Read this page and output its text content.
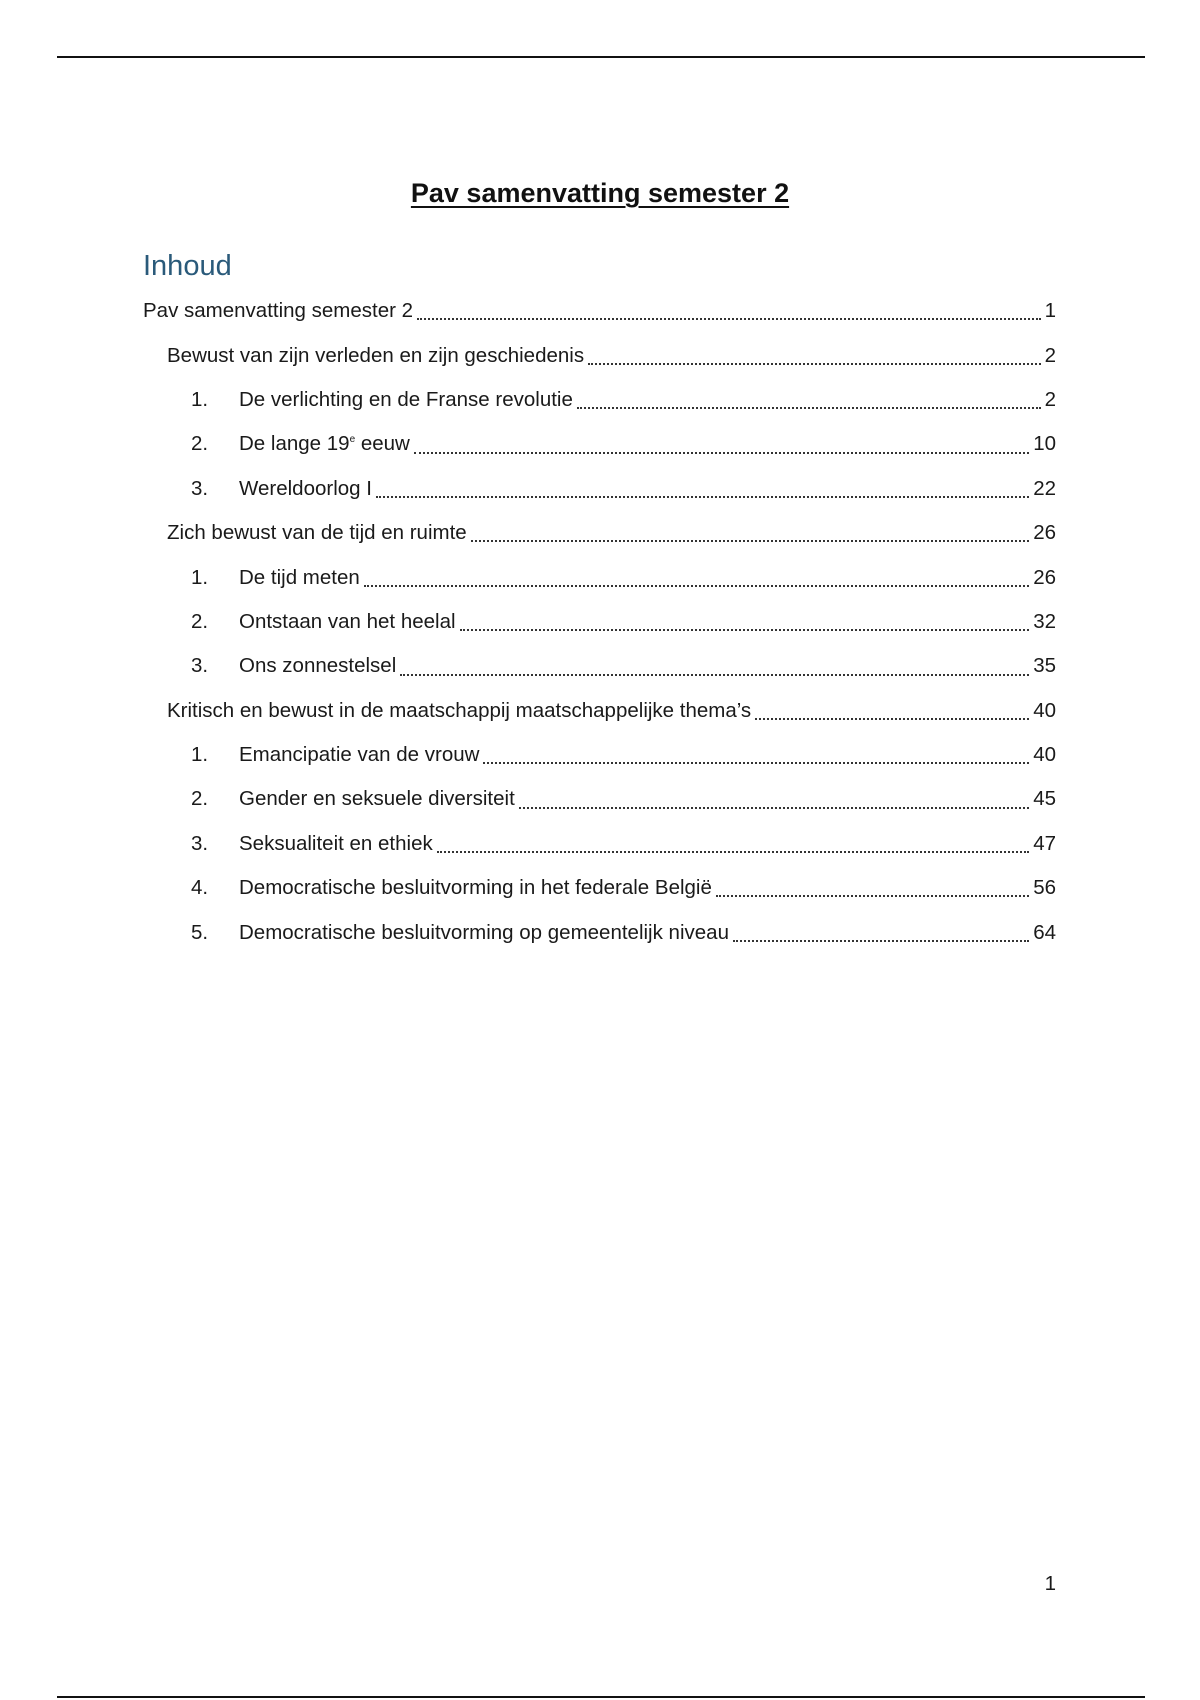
Pav samenvatting semester 2
Inhoud
Pav samenvatting semester 2	1
Bewust van zijn verleden en zijn geschiedenis	2
1.	De verlichting en de Franse revolutie	2
2.	De lange 19e eeuw	10
3.	Wereldoorlog I	22
Zich bewust van de tijd en ruimte	26
1.	De tijd meten	26
2.	Ontstaan van het heelal	32
3.	Ons zonnestelsel	35
Kritisch en bewust in de maatschappij maatschappelijke thema’s	40
1.	Emancipatie van de vrouw	40
2.	Gender en seksuele diversiteit	45
3.	Seksualiteit en ethiek	47
4.	Democratische besluitvorming in het federale België	56
5.	Democratische besluitvorming op gemeentelijk niveau	64
1
